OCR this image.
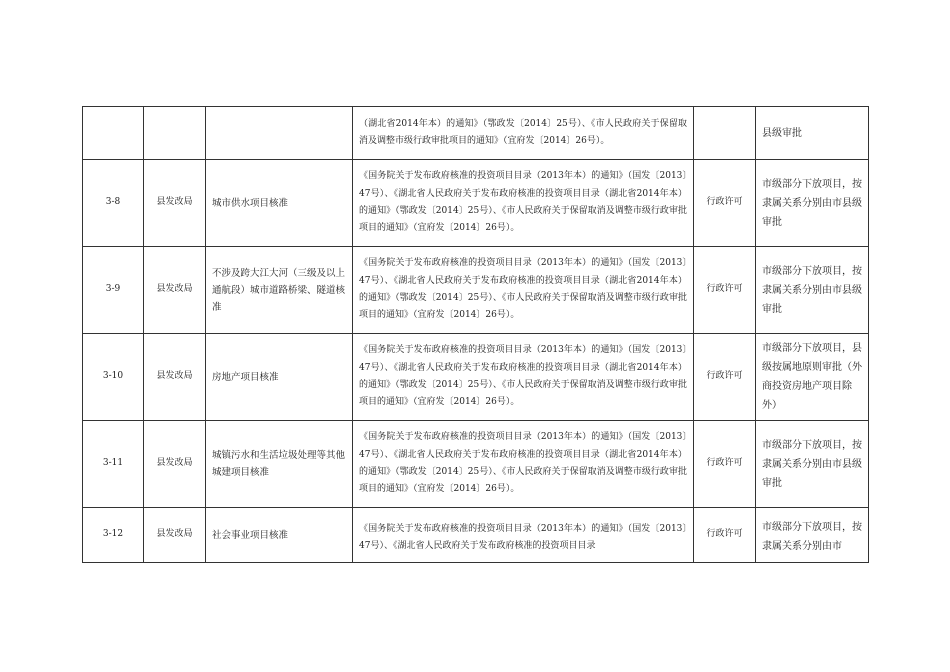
			（湖北省2014年本）的通知》（鄂政发〔2014〕25号）、《市人民政府关于保留取消及调整市级行政审批项目的通知》（宜府发〔2014〕26号）。		县级审批
3-8	县发改局	城市供水项目核准	《国务院关于发布政府核准的投资项目目录（2013年本）的通知》（国发〔2013〕47号）、《湖北省人民政府关于发布政府核准的投资项目目录（湖北省2014年本）的通知》（鄂政发〔2014〕25号）、《市人民政府关于保留取消及调整市级行政审批项目的通知》（宜府发〔2014〕26号）。	行政许可	市级部分下放项目，按隶属关系分别由市县级审批
3-9	县发改局	不涉及跨大江大河（三级及以上通航段）城市道路桥梁、隧道核准	《国务院关于发布政府核准的投资项目目录（2013年本）的通知》（国发〔2013〕47号）、《湖北省人民政府关于发布政府核准的投资项目目录（湖北省2014年本）的通知》（鄂政发〔2014〕25号）、《市人民政府关于保留取消及调整市级行政审批项目的通知》（宜府发〔2014〕26号）。	行政许可	市级部分下放项目，按隶属关系分别由市县级审批
3-10	县发改局	房地产项目核准	《国务院关于发布政府核准的投资项目目录（2013年本）的通知》（国发〔2013〕47号）、《湖北省人民政府关于发布政府核准的投资项目目录（湖北省2014年本）的通知》（鄂政发〔2014〕25号）、《市人民政府关于保留取消及调整市级行政审批项目的通知》（宜府发〔2014〕26号）。	行政许可	市级部分下放项目，县级按属地原则审批（外商投资房地产项目除外）
3-11	县发改局	城镇污水和生活垃圾处理等其他城建项目核准	《国务院关于发布政府核准的投资项目目录（2013年本）的通知》（国发〔2013〕47号）、《湖北省人民政府关于发布政府核准的投资项目目录（湖北省2014年本）的通知》（鄂政发〔2014〕25号）、《市人民政府关于保留取消及调整市级行政审批项目的通知》（宜府发〔2014〕26号）。	行政许可	市级部分下放项目，按隶属关系分别由市县级审批
3-12	县发改局	社会事业项目核准	《国务院关于发布政府核准的投资项目目录（2013年本）的通知》（国发〔2013〕47号）、《湖北省人民政府关于发布政府核准的投资项目目录	行政许可	市级部分下放项目，按隶属关系分别由市
